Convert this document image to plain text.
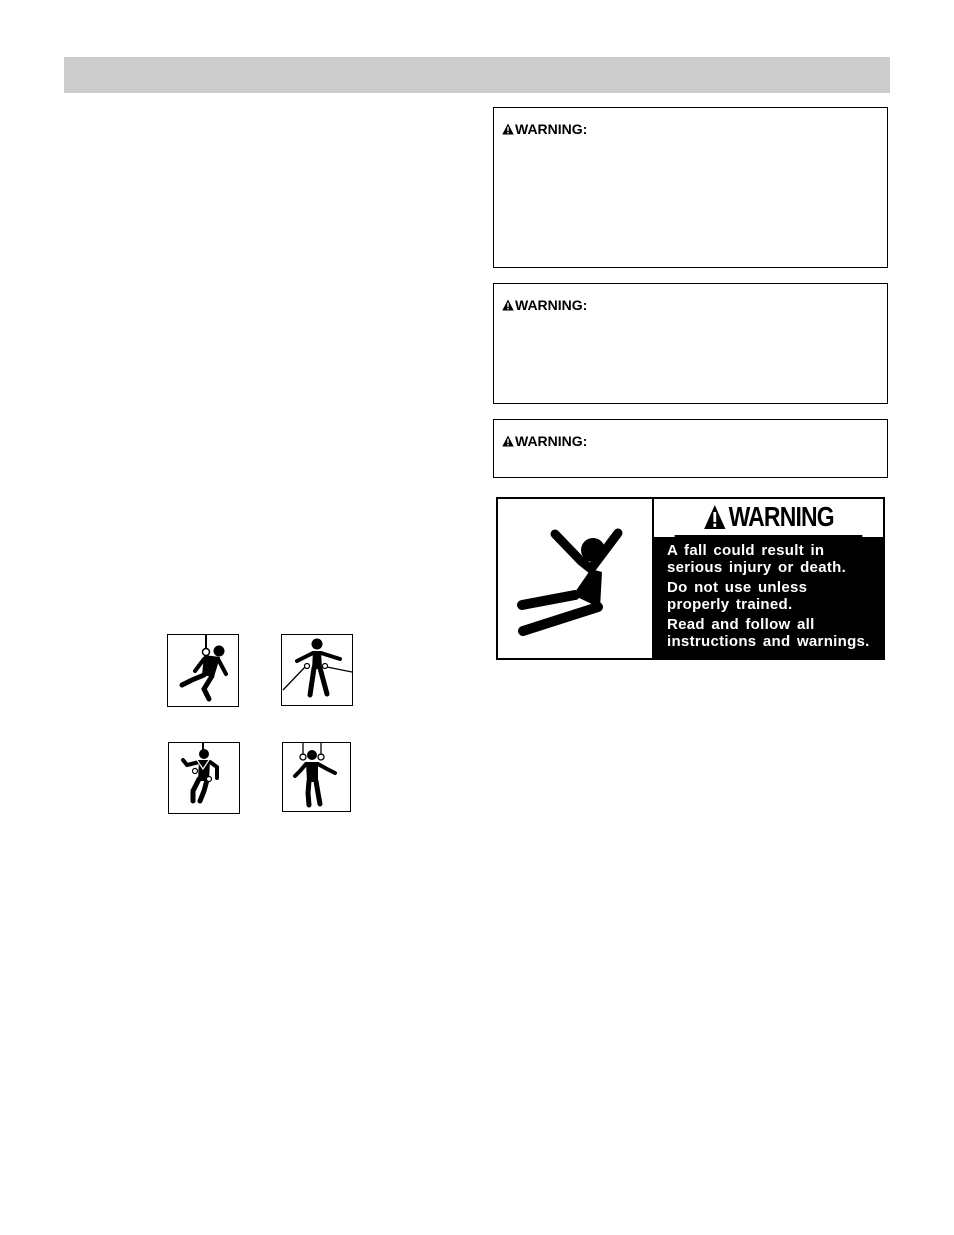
WARNING:
WARNING:
WARNING:
WARNING

A fall could result in
serious injury or death.

Do not use unless
properly trained.

Read and follow all
instructions and warnings.
